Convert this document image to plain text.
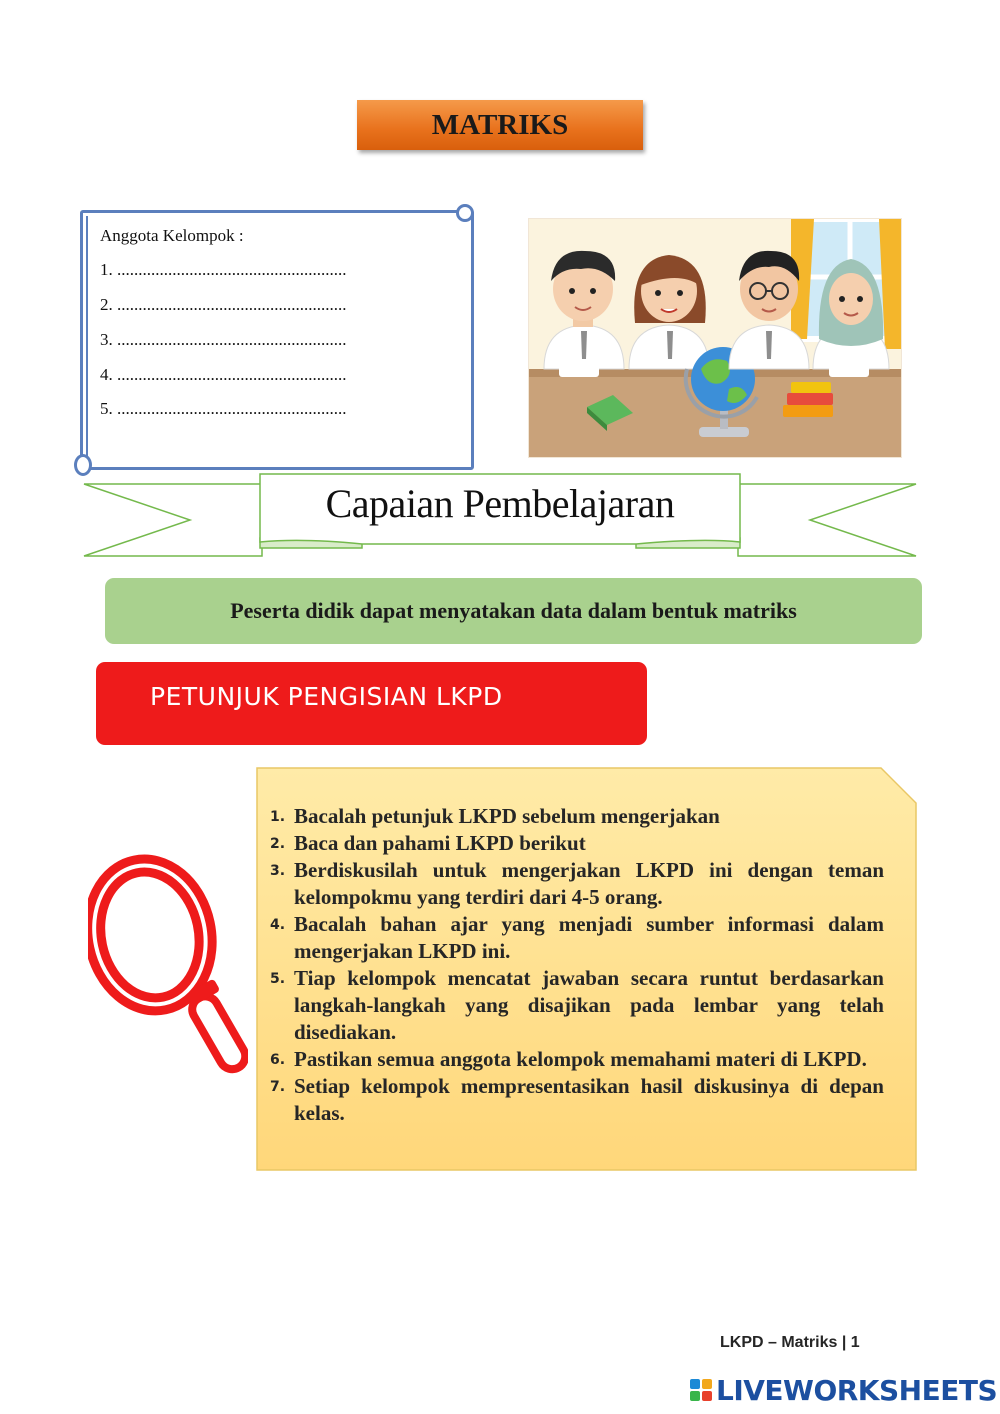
MATRIKS
Anggota Kelompok :
1. ......................................................
2. ......................................................
3. ......................................................
4. ......................................................
5. ......................................................
Capaian Pembelajaran
Peserta didik dapat menyatakan data dalam bentuk matriks
PETUNJUK PENGISIAN LKPD
1. Bacalah petunjuk LKPD sebelum mengerjakan
2. Baca dan pahami LKPD berikut
3. Berdiskusilah untuk mengerjakan LKPD ini dengan teman kelompokmu yang terdiri dari 4-5 orang.
4. Bacalah bahan ajar yang menjadi sumber informasi dalam mengerjakan LKPD ini.
5. Tiap kelompok mencatat jawaban secara runtut berdasarkan langkah-langkah yang disajikan pada lembar yang telah disediakan.
6. Pastikan semua anggota kelompok memahami materi di LKPD.
7. Setiap kelompok mempresentasikan hasil diskusinya di depan kelas.
LKPD – Matriks | 1
LIVEWORKSHEETS
